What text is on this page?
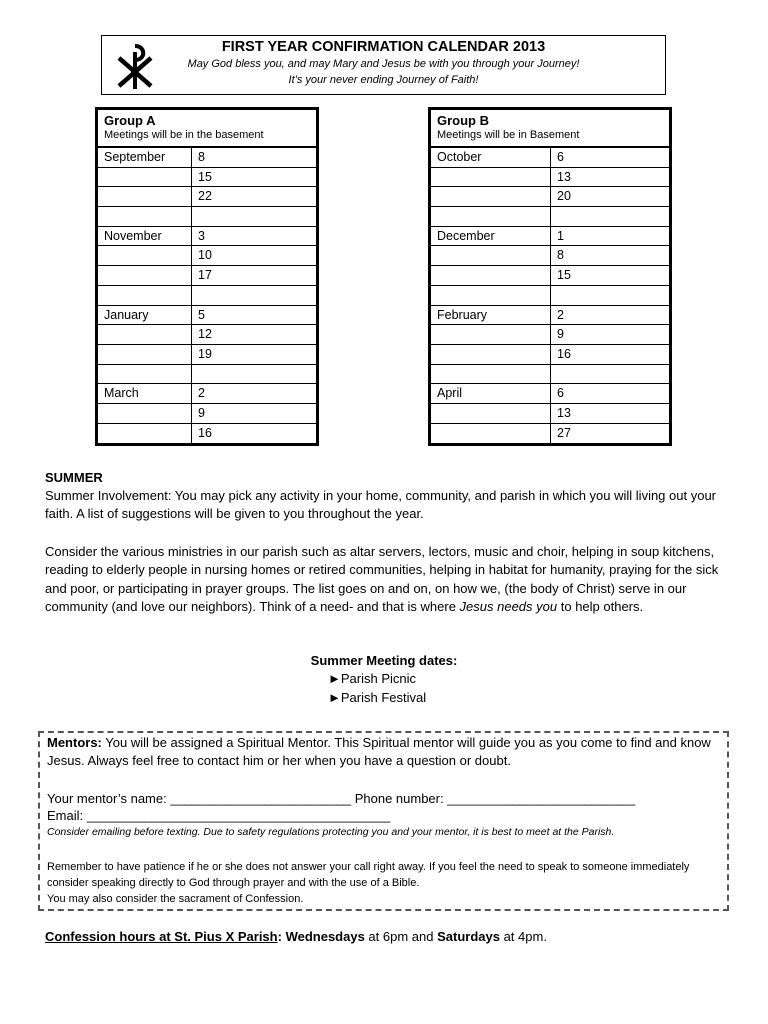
FIRST YEAR CONFIRMATION CALENDAR 2013
May God bless you, and may Mary and Jesus be with you through your Journey!
It’s your never ending Journey of Faith!
Group A
Meetings will be in the basement
September	8
15
22
November	3
10
17
January	5
12
19
March	2
9
16
Group B
Meetings will be in Basement
October	6
13
20
December	1
8
15
February	2
9
16
April	6
13
27
SUMMER
Summer Involvement: You may pick any activity in your home, community, and parish in which you will living out your faith. A list of suggestions will be given to you throughout the year.
Consider the various ministries in our parish such as altar servers, lectors, music and choir, helping in soup kitchens, reading to elderly people in nursing homes or retired communities, helping in habitat for humanity, praying for the sick and poor, or participating in prayer groups. The list goes on and on, on how we, (the body of Christ) serve in our community (and love our neighbors). Think of a need- and that is where Jesus needs you to help others.
Summer Meeting dates:
►Parish Picnic
►Parish Festival
Mentors: You will be assigned a Spiritual Mentor. This Spiritual mentor will guide you as you come to find and know Jesus. Always feel free to contact him or her when you have a question or doubt.
Your mentor’s name: _________________________ Phone number: __________________________
Email: __________________________________________
Consider emailing before texting. Due to safety regulations protecting you and your mentor, it is best to meet at the Parish.
Remember to have patience if he or she does not answer your call right away. If you feel the need to speak to someone immediately consider speaking directly to God through prayer and with the use of a Bible.
You may also consider the sacrament of Confession.
Confession hours at St. Pius X Parish: Wednesdays at 6pm and Saturdays at 4pm.
